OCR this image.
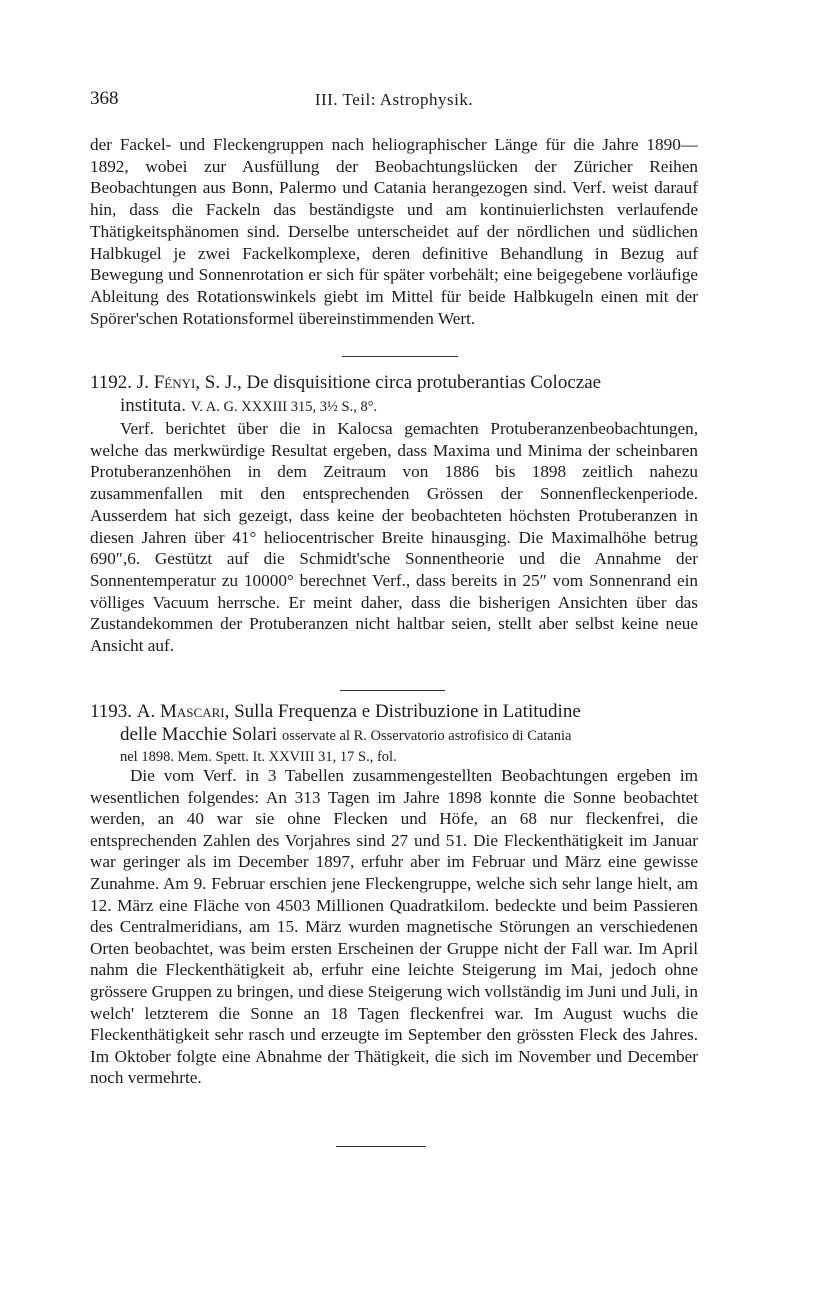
368	III. Teil: Astrophysik.

der Fackel- und Fleckengruppen nach heliographischer Länge für die Jahre 1890—1892, wobei zur Ausfüllung der Beobachtungslücken der Züricher Reihen Beobachtungen aus Bonn, Palermo und Catania herangezogen sind. Verf. weist darauf hin, dass die Fackeln das beständigste und am kontinuierlichsten verlaufende Thätigkeitsphänomen sind. Derselbe unterscheidet auf der nördlichen und südlichen Halbkugel je zwei Fackelkomplexe, deren definitive Behandlung in Bezug auf Bewegung und Sonnenrotation er sich für später vorbehält; eine beigegebene vorläufige Ableitung des Rotationswinkels giebt im Mittel für beide Halbkugeln einen mit der Spörer'schen Rotationsformel übereinstimmenden Wert.

1192. J. Fényi, S. J., De disquisitione circa protuberantias Coloczae
instituta. V. A. G. XXXIII 315, 3½ S., 8°.

Verf. berichtet über die in Kalocsa gemachten Protuberanzenbeobachtungen, welche das merkwürdige Resultat ergeben, dass Maxima und Minima der scheinbaren Protuberanzenhöhen in dem Zeitraum von 1886 bis 1898 zeitlich nahezu zusammenfallen mit den entsprechenden Grössen der Sonnenfleckenperiode. Ausserdem hat sich gezeigt, dass keine der beobachteten höchsten Protuberanzen in diesen Jahren über 41° heliocentrischer Breite hinausging. Die Maximalhöhe betrug 690″,6. Gestützt auf die Schmidt'sche Sonnentheorie und die Annahme der Sonnentemperatur zu 10000° berechnet Verf., dass bereits in 25″ vom Sonnenrand ein völliges Vacuum herrsche. Er meint daher, dass die bisherigen Ansichten über das Zustandekommen der Protuberanzen nicht haltbar seien, stellt aber selbst keine neue Ansicht auf.

1193. A. Mascari, Sulla Frequenza e Distribuzione in Latitudine
delle Macchie Solari osservate al R. Osservatorio astrofisico di Catania
nel 1898. Mem. Spett. It. XXVIII 31, 17 S., fol.

Die vom Verf. in 3 Tabellen zusammengestellten Beobachtungen ergeben im wesentlichen folgendes: An 313 Tagen im Jahre 1898 konnte die Sonne beobachtet werden, an 40 war sie ohne Flecken und Höfe, an 68 nur fleckenfrei, die entsprechenden Zahlen des Vorjahres sind 27 und 51. Die Fleckenthätigkeit im Januar war geringer als im December 1897, erfuhr aber im Februar und März eine gewisse Zunahme. Am 9. Februar erschien jene Fleckengruppe, welche sich sehr lange hielt, am 12. März eine Fläche von 4503 Millionen Quadratkilom. bedeckte und beim Passieren des Centralmeridians, am 15. März wurden magnetische Störungen an verschiedenen Orten beobachtet, was beim ersten Erscheinen der Gruppe nicht der Fall war. Im April nahm die Fleckenthätigkeit ab, erfuhr eine leichte Steigerung im Mai, jedoch ohne grössere Gruppen zu bringen, und diese Steigerung wich vollständig im Juni und Juli, in welch' letzterem die Sonne an 18 Tagen fleckenfrei war. Im August wuchs die Fleckenthätigkeit sehr rasch und erzeugte im September den grössten Fleck des Jahres. Im Oktober folgte eine Abnahme der Thätigkeit, die sich im November und December noch vermehrte.
